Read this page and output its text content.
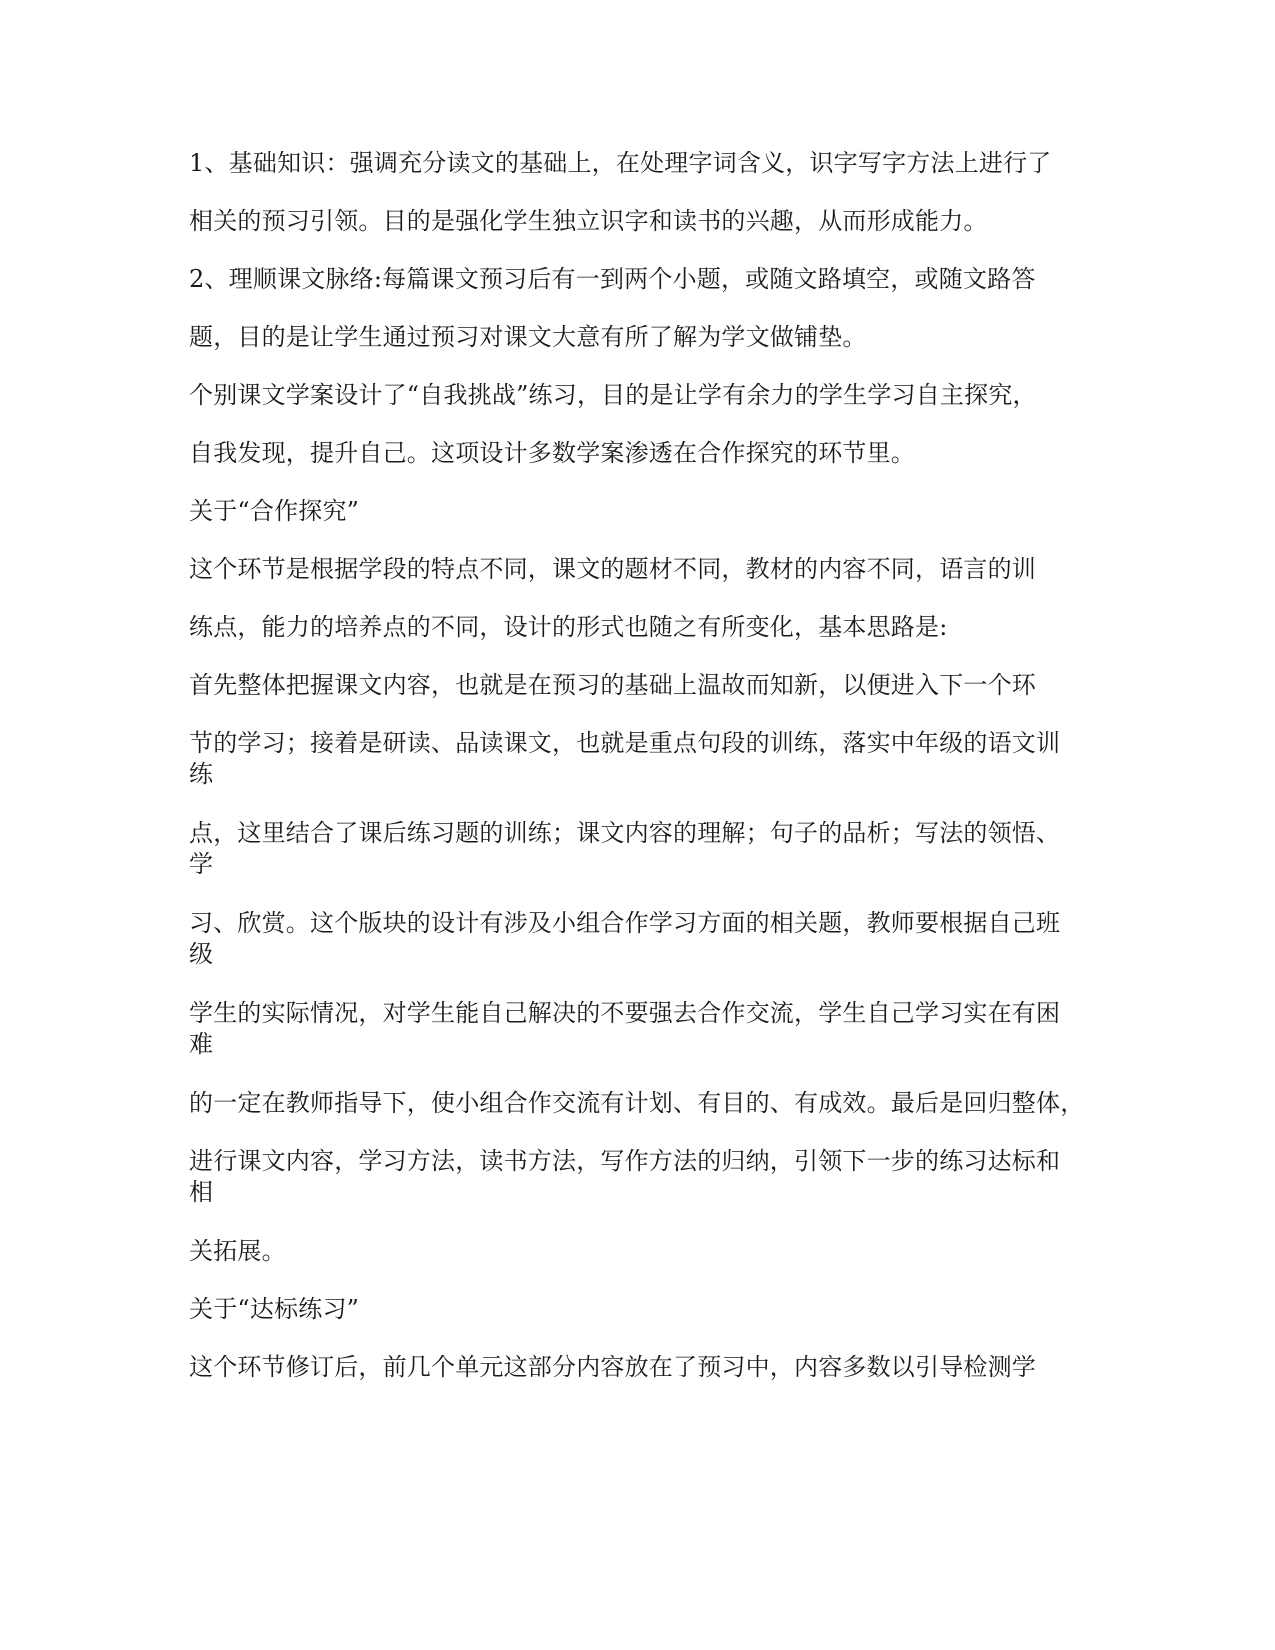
1、基础知识：强调充分读文的基础上，在处理字词含义，识字写字方法上进行了
相关的预习引领。目的是强化学生独立识字和读书的兴趣，从而形成能力。
2、理顺课文脉络:每篇课文预习后有一到两个小题，或随文路填空，或随文路答
题，目的是让学生通过预习对课文大意有所了解为学文做铺垫。
个别课文学案设计了“自我挑战”练习，目的是让学有余力的学生学习自主探究，
自我发现，提升自己。这项设计多数学案渗透在合作探究的环节里。
关于“合作探究”
这个环节是根据学段的特点不同，课文的题材不同，教材的内容不同，语言的训
练点，能力的培养点的不同，设计的形式也随之有所变化，基本思路是:
首先整体把握课文内容，也就是在预习的基础上温故而知新，以便进入下一个环
节的学习；接着是研读、品读课文，也就是重点句段的训练，落实中年级的语文训
练
点，这里结合了课后练习题的训练；课文内容的理解；句子的品析；写法的领悟、
学
习、欣赏。这个版块的设计有涉及小组合作学习方面的相关题，教师要根据自己班
级
学生的实际情况，对学生能自己解决的不要强去合作交流，学生自己学习实在有困
难
的一定在教师指导下，使小组合作交流有计划、有目的、有成效。最后是回归整体，
进行课文内容，学习方法，读书方法，写作方法的归纳，引领下一步的练习达标和
相
关拓展。
关于“达标练习”
这个环节修订后，前几个单元这部分内容放在了预习中，内容多数以引导检测学
